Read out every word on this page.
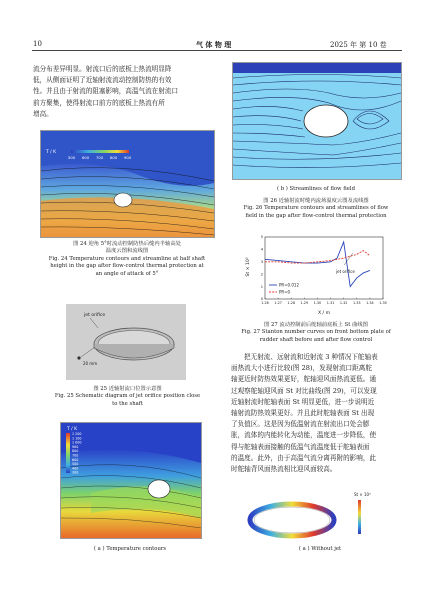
10	气 体 物 理	2025 年 第 10 卷
流分布差异明显。射流口后的底板上热流明显降
低，从侧面证明了近轴射流流动控制防热的有效
性。并且由于射流的阻塞影响，高温气流在射流口
前方聚集，使得射流口前方的底板上热流有所
增高。
T / K
500 600 700 800 900
图 24 迎角 5°时流动控制防热后缝内半轴高处
温度云图和流线图
Fig. 24 Temperature contours and streamline at half shaft
height in the gap after flow-control thermal protection at
an angle of attack of 5°
jet orifice
20 mm
图 25 近轴射流口位置示意图
Fig. 25 Schematic diagram of jet orifice position close
to the shaft
T / K
1 200
1 100
1 000
900
800
700
600
500
400
300
( a ) Temperature contours
( b ) Streamlines of flow field
图 26 近轴射流时缝内流场温度云图及流线图
Fig. 26 Temperature contours and streamlines of flow
field in the gap after flow-control thermal protection
St × 10³
X / m
1.26 1.27 1.28 1.29 1.30 1.31 1.32 1.33 1.34 1.35
0
1
2
3
4
5
jet orifice
PR=0.012
PR=0
图 27 流动控制前后舵轴前底板上 St 曲线图
Fig. 27 Stanton number curves on front bottom plate of
rudder shaft before and after flow control
把无射流、远射流和近射流 3 种情况下舵轴表
面热流大小进行比较(图 28)，发现射流口距离舵
轴更近时防热效果更好，舵轴迎风面热流更低。通
过观察舵轴迎风面 St 对比曲线(图 29)，可以发现
近轴射流时舵轴表面 St 明显更低，进一步说明近
轴射流防热效果更好。并且此时舵轴表面 St 出现
了负值区。这是因为低温射流在射流出口处会膨
胀，流体的内能转化为动能，温度进一步降低，使
得与舵轴表面接触的低温气流温度低于舵轴表面
的温度。此外，由于高温气流分离再附的影响，此
时舵轴背风面热流相比迎风面较高。
St × 10³
( a ) Without jet
